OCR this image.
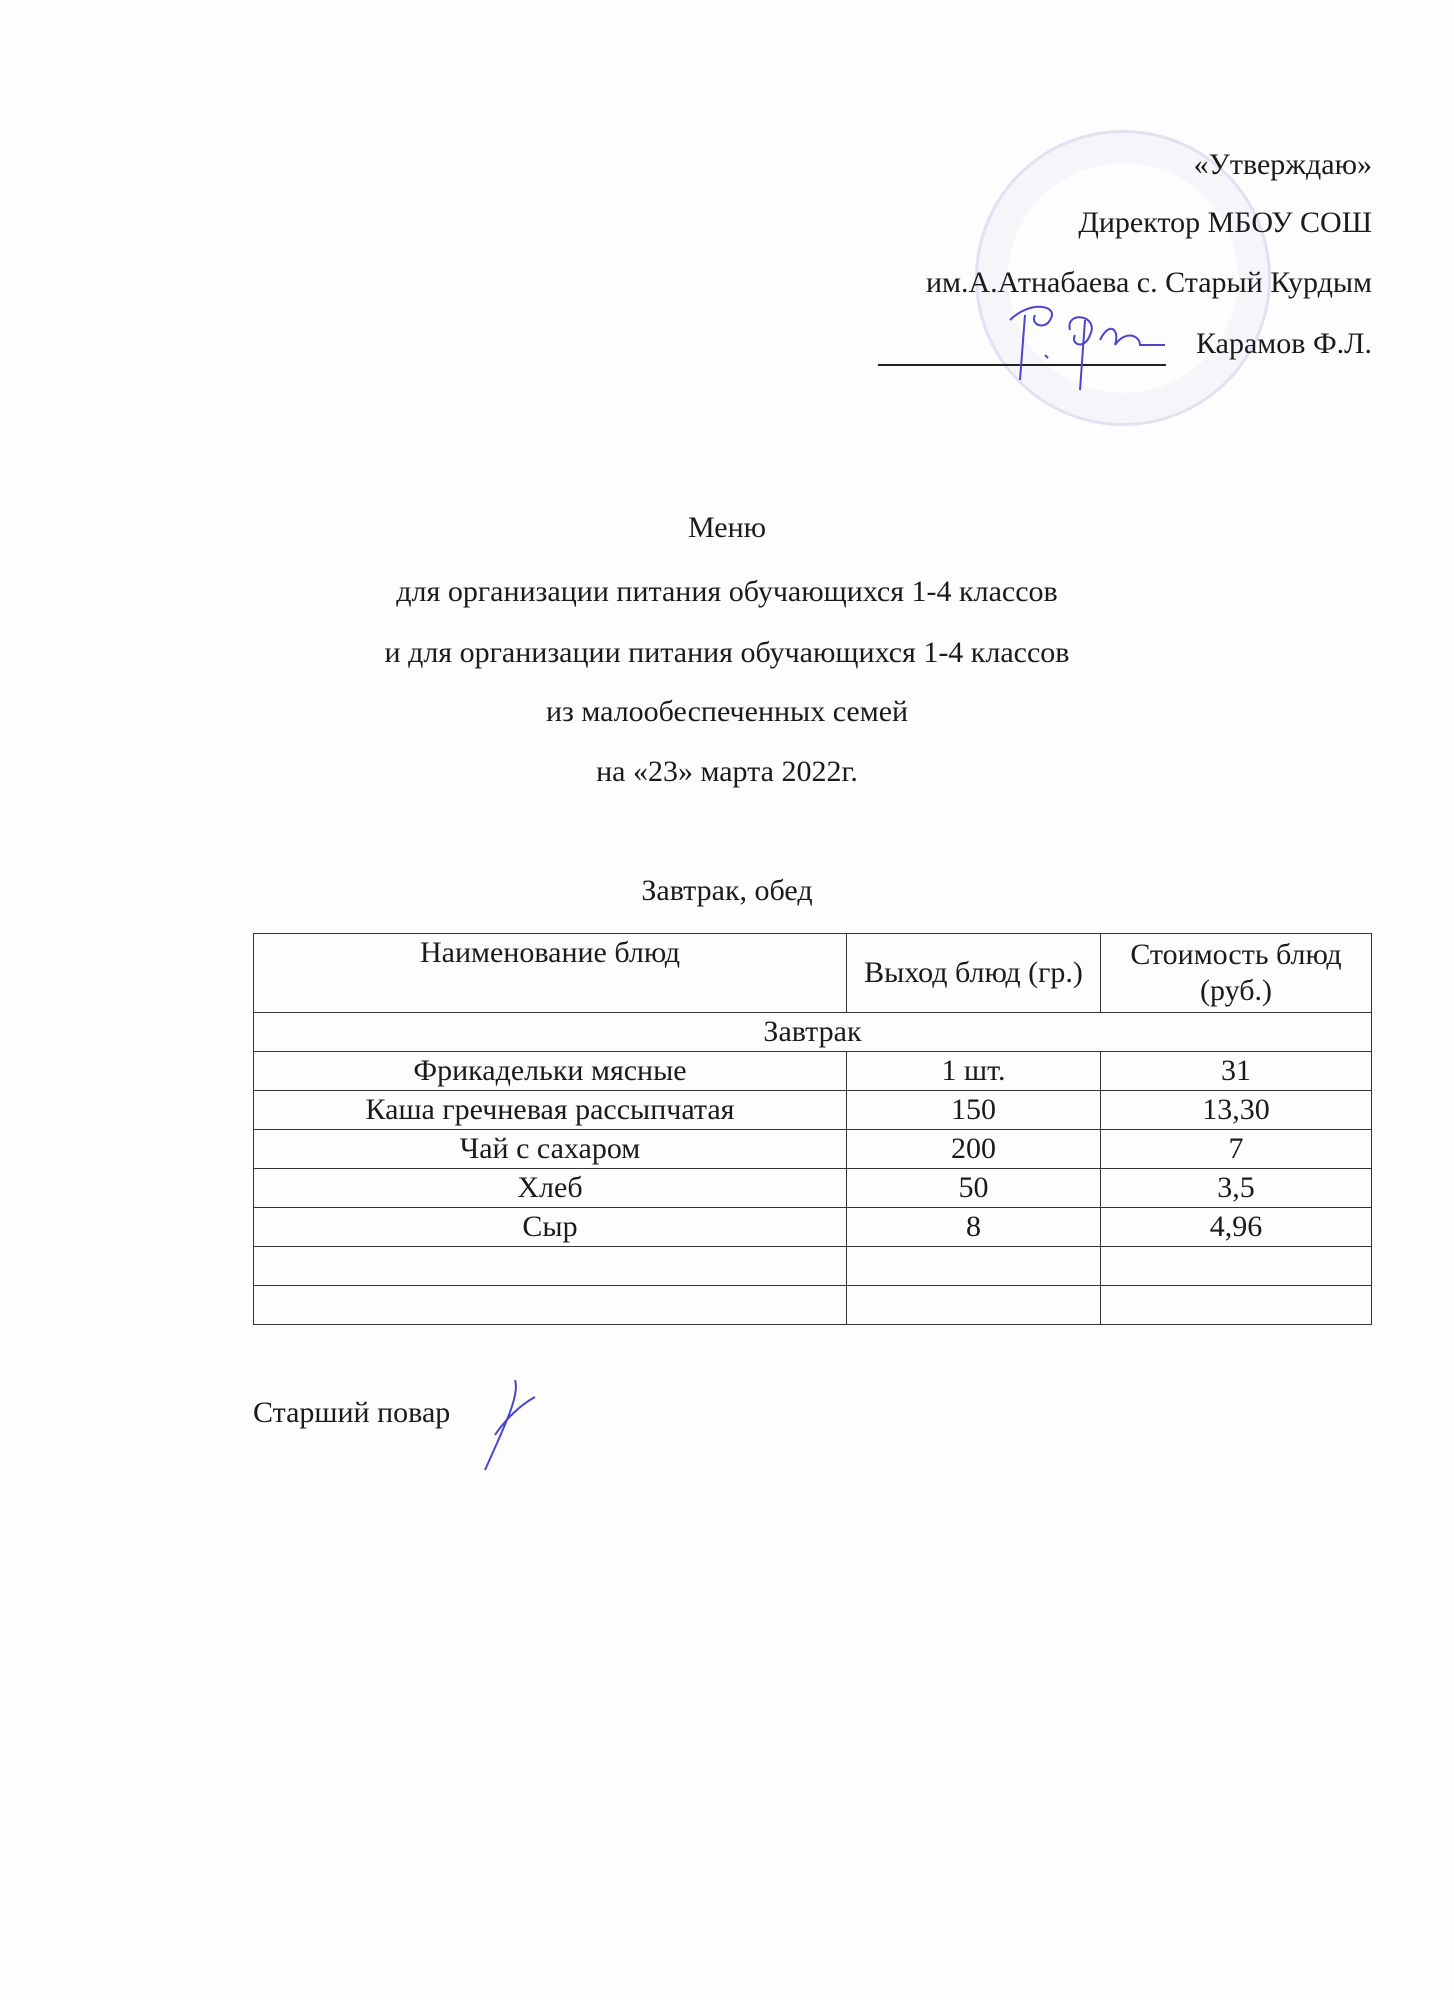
«Утверждаю»
Директор МБОУ СОШ
им.А.Атнабаева с. Старый Курдым
Карамов Ф.Л.
Меню
для организации питания обучающихся 1-4 классов
и для организации питания обучающихся 1-4 классов
из малообеспеченных семей
на «23» марта 2022г.
Завтрак, обед
Наименование блюд	Выход блюд (гр.)	Стоимость блюд (руб.)
Завтрак		
Фрикадельки мясные	1 шт.	31
Каша гречневая рассыпчатая	150	13,30
Чай с сахаром	200	7
Хлеб	50	3,5
Сыр	8	4,96

Старший повар
